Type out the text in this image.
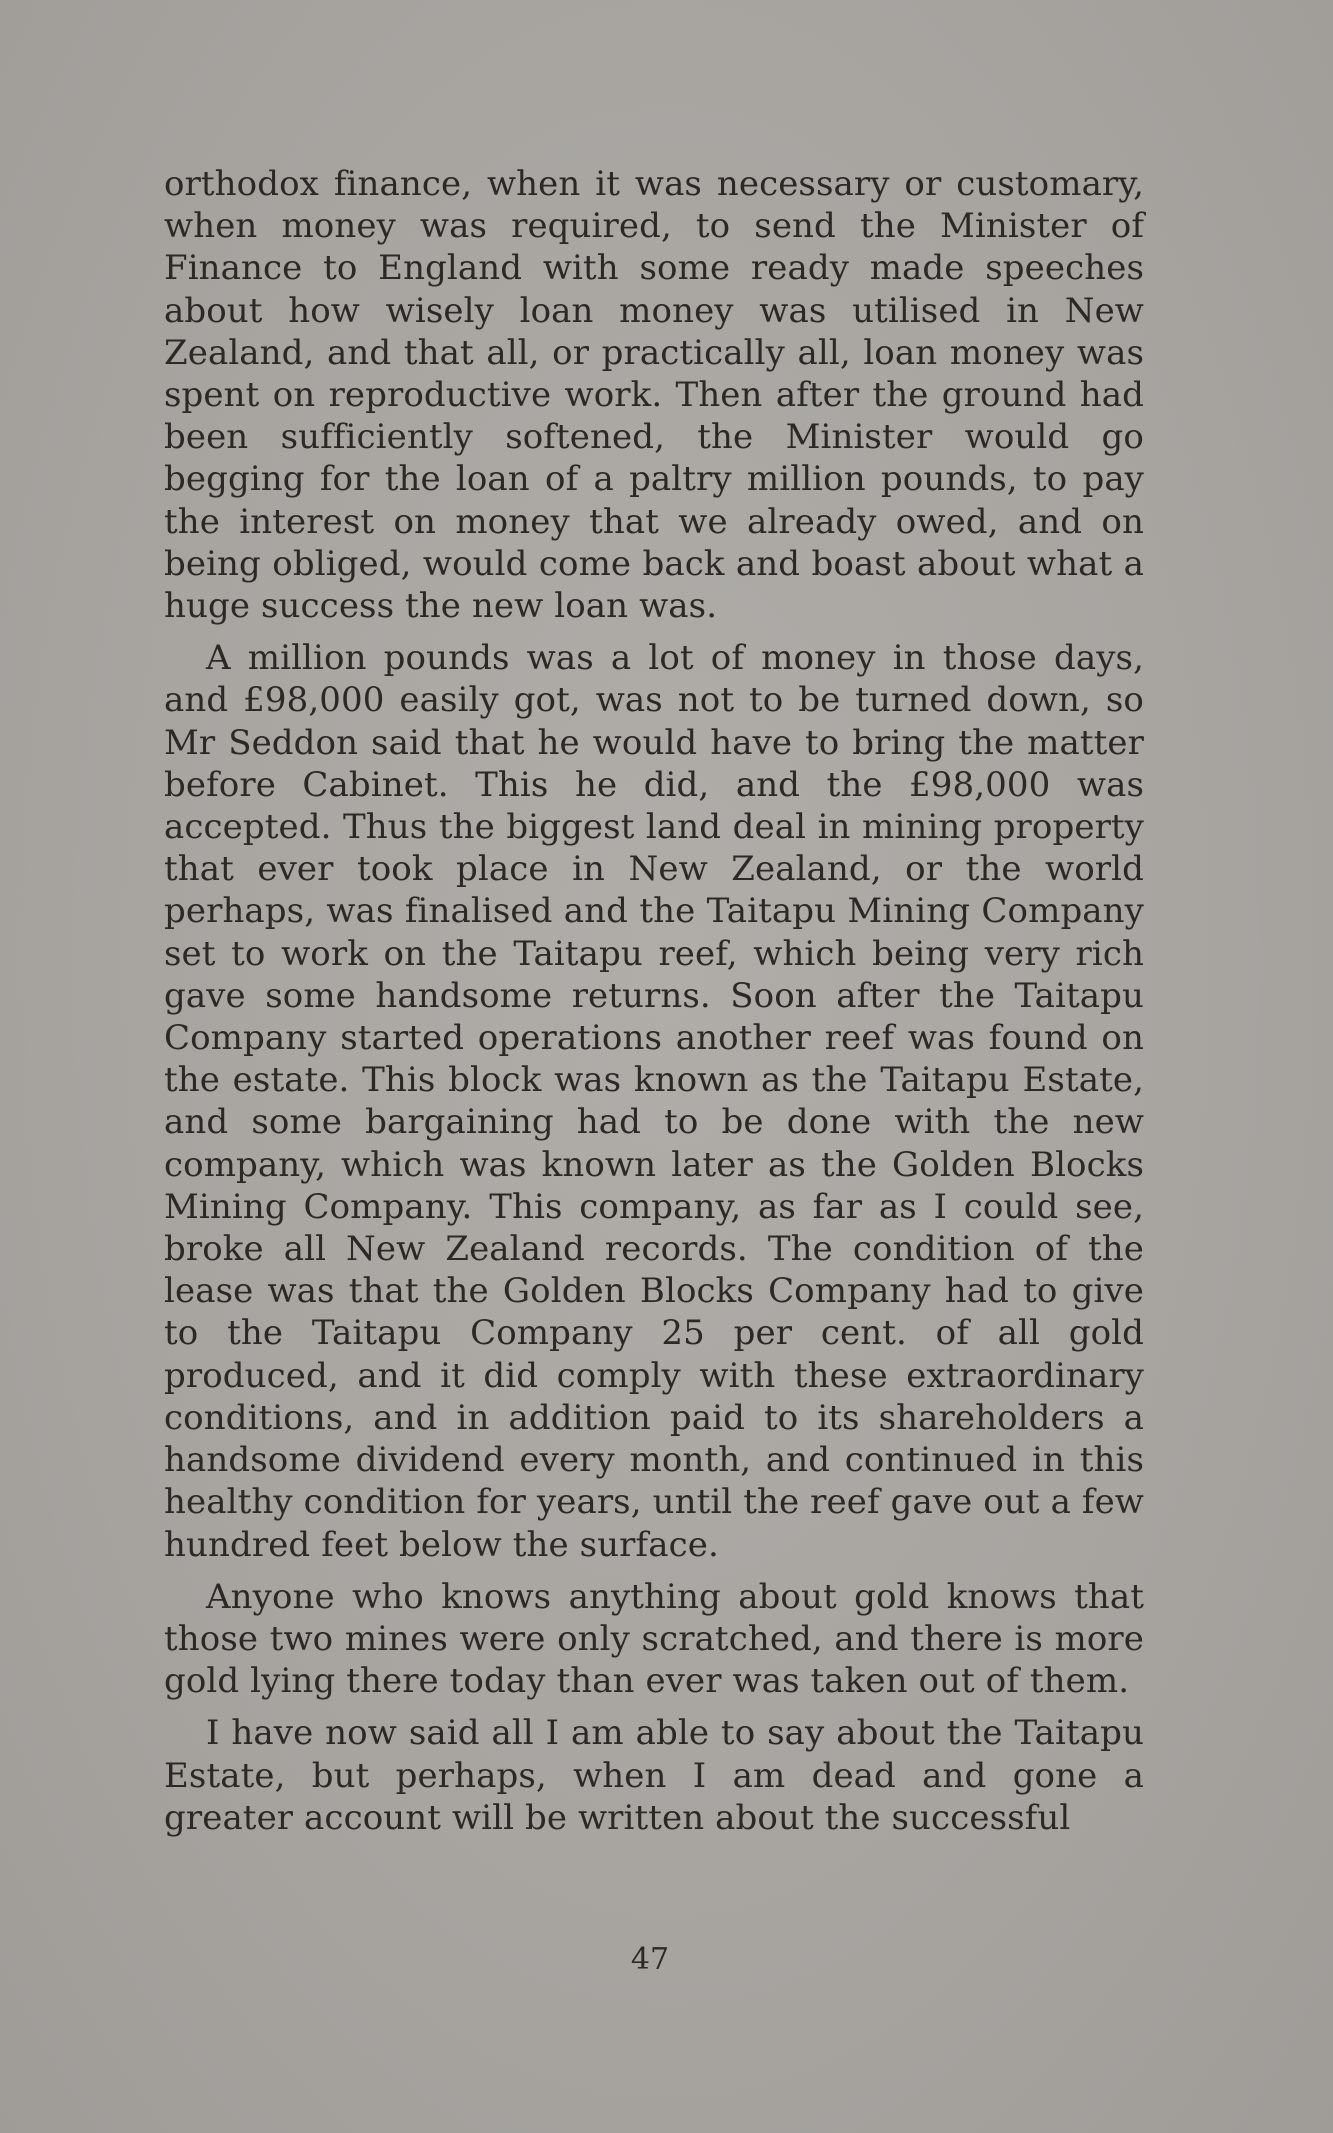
orthodox finance, when it was necessary or customary, when money was required, to send the Minister of Finance to England with some ready made speeches about how wisely loan money was utilised in New Zealand, and that all, or practically all, loan money was spent on reproductive work. Then after the ground had been sufficiently softened, the Minister would go begging for the loan of a paltry million pounds, to pay the interest on money that we already owed, and on being obliged, would come back and boast about what a huge success the new loan was.

A million pounds was a lot of money in those days, and £98,000 easily got, was not to be turned down, so Mr Seddon said that he would have to bring the matter before Cabinet. This he did, and the £98,000 was accepted. Thus the biggest land deal in mining property that ever took place in New Zealand, or the world perhaps, was finalised and the Taitapu Mining Company set to work on the Taitapu reef, which being very rich gave some handsome returns. Soon after the Taitapu Company started operations another reef was found on the estate. This block was known as the Taitapu Estate, and some bargaining had to be done with the new company, which was known later as the Golden Blocks Mining Company. This company, as far as I could see, broke all New Zealand records. The condition of the lease was that the Golden Blocks Company had to give to the Taitapu Company 25 per cent. of all gold produced, and it did comply with these extraordinary conditions, and in addition paid to its shareholders a handsome dividend every month, and continued in this healthy condition for years, until the reef gave out a few hundred feet below the surface.

Anyone who knows anything about gold knows that those two mines were only scratched, and there is more gold lying there today than ever was taken out of them.

I have now said all I am able to say about the Taitapu Estate, but perhaps, when I am dead and gone a greater account will be written about the successful

47
